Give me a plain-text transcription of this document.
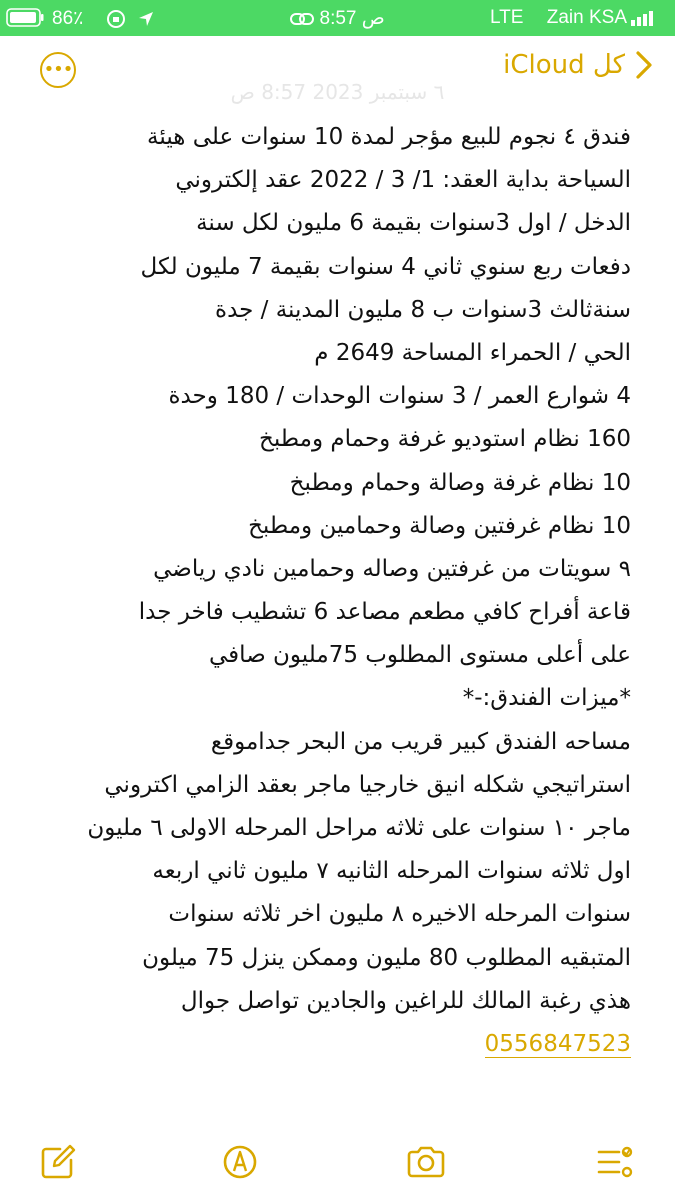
86٪
	8:57 ص	LTE Zain KSA
•••	كل iCloud
٦ سبتمبر 2023 8:57 ص
فندق ٤ نجوم للبيع مؤجر لمدة 10 سنوات على هيئة
السياحة بداية العقد: 1/ 3 / 2022 عقد إلكتروني
الدخل / اول 3سنوات بقيمة 6 مليون لكل سنة
دفعات ربع سنوي ثاني 4 سنوات بقيمة 7 مليون لكل
سنةثالث 3سنوات ب 8 مليون المدينة / جدة
الحي / الحمراء المساحة 2649 م
4 شوارع العمر / 3 سنوات الوحدات / 180 وحدة
160 نظام استوديو غرفة وحمام ومطبخ
10 نظام غرفة وصالة وحمام ومطبخ
10 نظام غرفتين وصالة وحمامين ومطبخ
٩ سويتات من غرفتين وصاله وحمامين نادي رياضي
قاعة أفراح كافي مطعم مصاعد 6 تشطيب فاخر جدا
على أعلى مستوى المطلوب 75مليون صافي
*ميزات الفندق:-*
مساحه الفندق كبير قريب من البحر جداموقع
استراتيجي شكله انيق خارجيا ماجر بعقد الزامي اكتروني
ماجر ١٠ سنوات على ثلاثه مراحل المرحله الاولى ٦ مليون
اول ثلاثه سنوات المرحله الثانيه ٧ مليون ثاني اربعه
سنوات المرحله الاخيره ٨ مليون اخر ثلاثه سنوات
المتبقيه المطلوب 80 مليون وممكن ينزل 75 ميلون
هذي رغبة المالك للراغين والجادين تواصل جوال
0556847523
